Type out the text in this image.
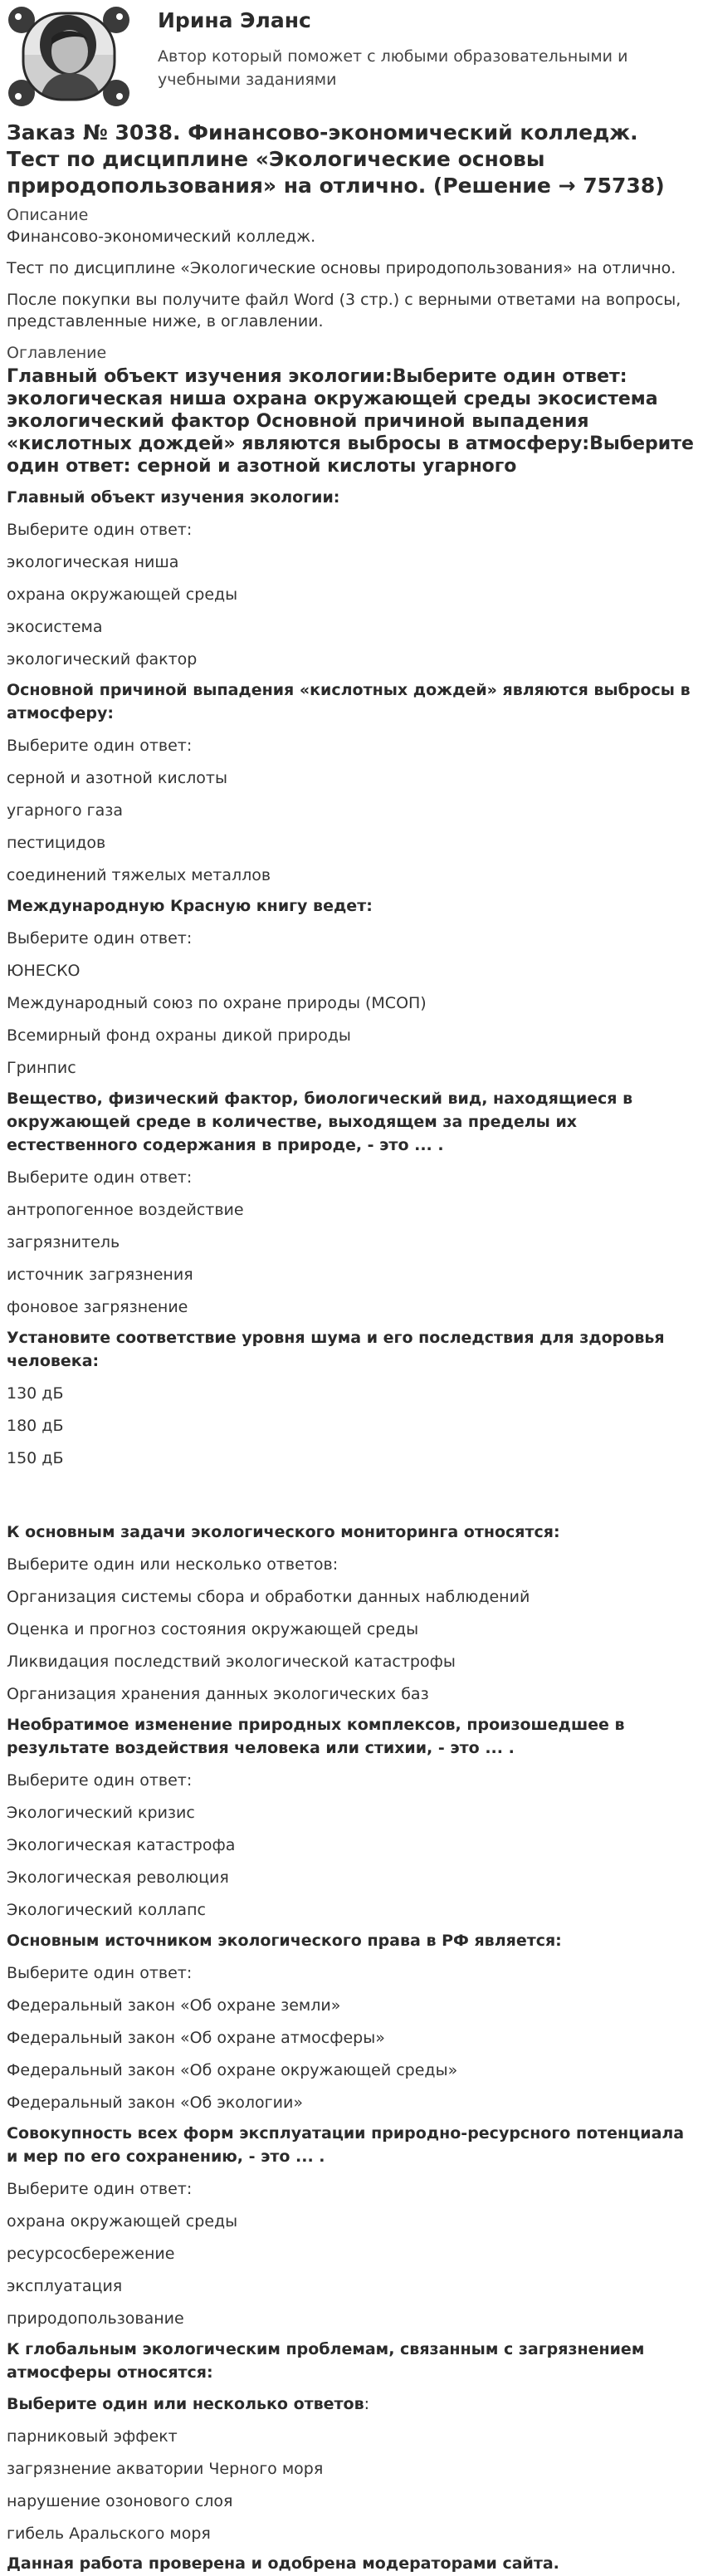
Ирина Эланс
Автор который поможет с любыми образовательными и учебными заданиями
Заказ № 3038. Финансово-экономический колледж. Тест по дисциплине «Экологические основы природопользования» на отлично. (Решение → 75738)
Описание
Финансово-экономический колледж.
Тест по дисциплине «Экологические основы природопользования» на отлично.
После покупки вы получите файл Word (3 стр.) с верными ответами на вопросы, представленные ниже, в оглавлении.
Оглавление
Главный объект изучения экологии:Выберите один ответ: экологическая ниша охрана окружающей среды экосистема экологический фактор Основной причиной выпадения «кислотных дождей» являются выбросы в атмосферу:Выберите один ответ: серной и азотной кислоты угарного
Главный объект изучения экологии:
Выберите один ответ:
экологическая ниша
охрана окружающей среды
экосистема
экологический фактор
Основной причиной выпадения «кислотных дождей» являются выбросы в атмосферу:
Выберите один ответ:
серной и азотной кислоты
угарного газа
пестицидов
соединений тяжелых металлов
Международную Красную книгу ведет:
Выберите один ответ:
ЮНЕСКО
Международный союз по охране природы (МСОП)
Всемирный фонд охраны дикой природы
Гринпис
Вещество, физический фактор, биологический вид, находящиеся в окружающей среде в количестве, выходящем за пределы их естественного содержания в природе, - это ... .
Выберите один ответ:
антропогенное воздействие
загрязнитель
источник загрязнения
фоновое загрязнение
Установите соответствие уровня шума и его последствия для здоровья человека:
130 дБ
180 дБ
150 дБ
К основным задачи экологического мониторинга относятся:
Выберите один или несколько ответов:
Организация системы сбора и обработки данных наблюдений
Оценка и прогноз состояния окружающей среды
Ликвидация последствий экологической катастрофы
Организация хранения данных экологических баз
Необратимое изменение природных комплексов, произошедшее в результате воздействия человека или стихии, - это ... .
Выберите один ответ:
Экологический кризис
Экологическая катастрофа
Экологическая революция
Экологический коллапс
Основным источником экологического права в РФ является:
Выберите один ответ:
Федеральный закон «Об охране земли»
Федеральный закон «Об охране атмосферы»
Федеральный закон «Об охране окружающей среды»
Федеральный закон «Об экологии»
Совокупность всех форм эксплуатации природно-ресурсного потенциала и мер по его сохранению, - это ... .
Выберите один ответ:
охрана окружающей среды
ресурсосбережение
эксплуатация
природопользование
К глобальным экологическим проблемам, связанным с загрязнением атмосферы относятся:
Выберите один или несколько ответов:
парниковый эффект
загрязнение акватории Черного моря
нарушение озонового слоя
гибель Аральского моря
Данная работа проверена и одобрена модераторами сайта.
